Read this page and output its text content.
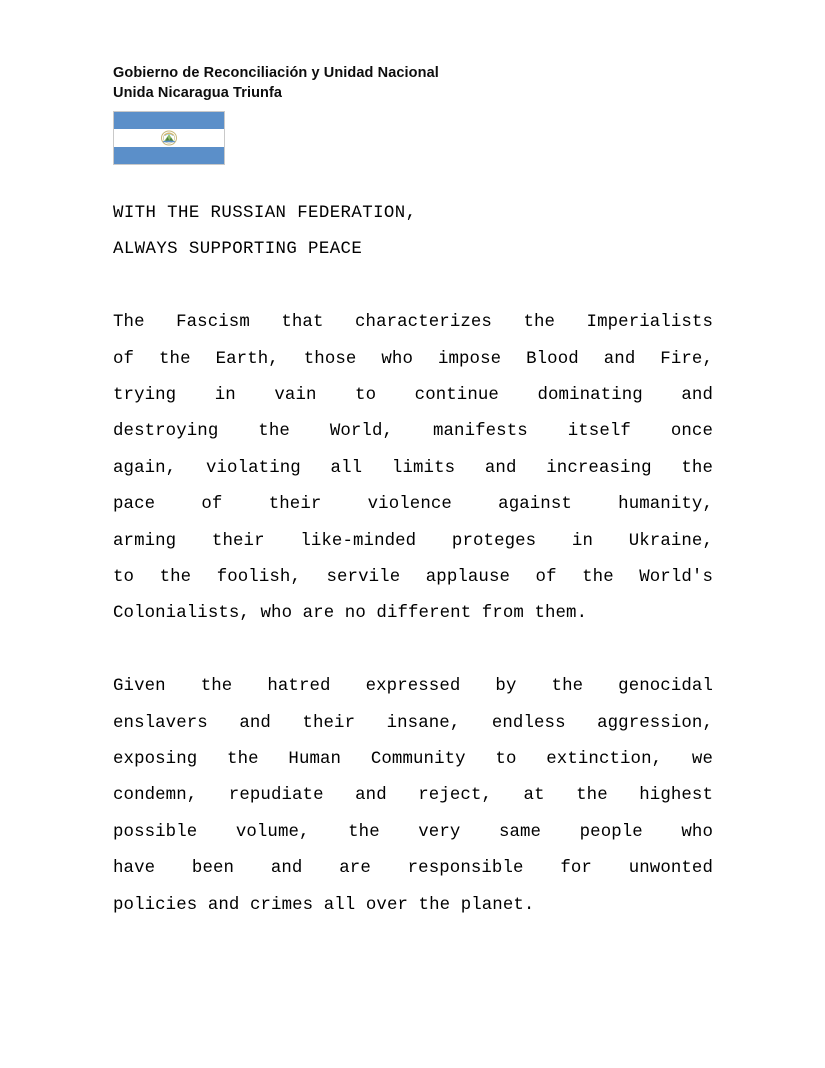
Gobierno de Reconciliación y Unidad Nacional
Unida Nicaragua Triunfa
WITH THE RUSSIAN FEDERATION,
ALWAYS SUPPORTING PEACE

The Fascism that characterizes the Imperialists
of the Earth, those who impose Blood and Fire,
trying in vain to continue dominating and
destroying the World, manifests itself once
again, violating all limits and increasing the
pace of their violence against humanity,
arming their like-minded proteges in Ukraine,
to the foolish, servile applause of the World's
Colonialists, who are no different from them.

Given the hatred expressed by the genocidal
enslavers and their insane, endless aggression,
exposing the Human Community to extinction, we
condemn, repudiate and reject, at the highest
possible volume, the very same people who
have been and are responsible for unwonted
policies and crimes all over the planet.
